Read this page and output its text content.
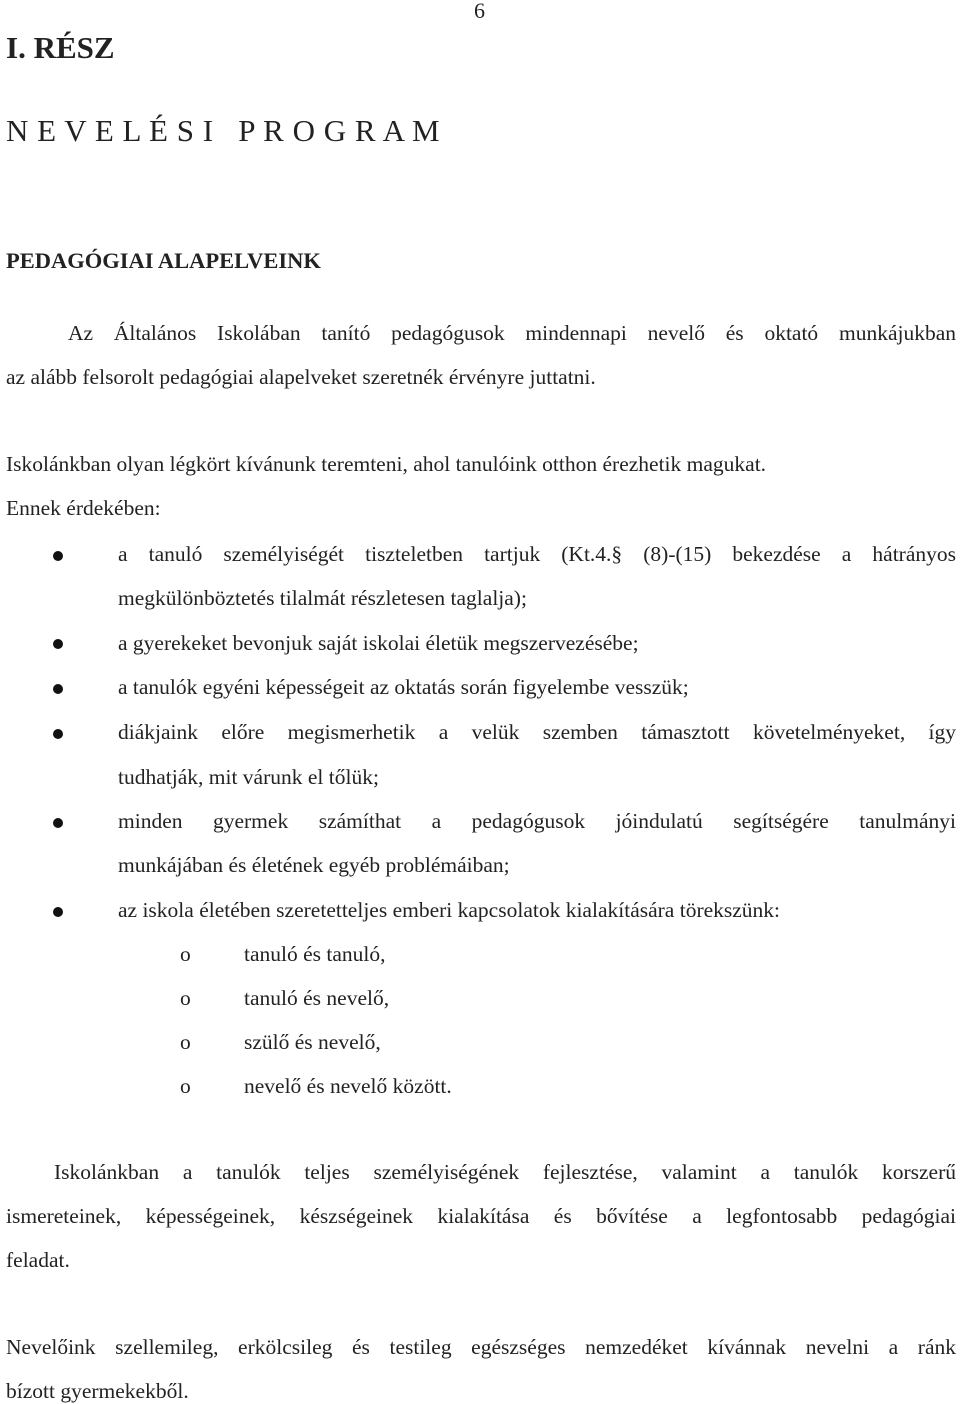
6
I. RÉSZ
N E V E L É S I   P R O G R A M
PEDAGÓGIAI ALAPELVEINK
Az Általános Iskolában tanító pedagógusok mindennapi nevelő és oktató munkájukban
az alább felsorolt pedagógiai alapelveket szeretnék érvényre juttatni.
Iskolánkban olyan légkört kívánunk teremteni, ahol tanulóink otthon érezhetik magukat.
Ennek érdekében:
a tanuló személyiségét tiszteletben tartjuk (Kt.4.§ (8)-(15) bekezdése a hátrányos
megkülönböztetés tilalmát részletesen taglalja);
a gyerekeket bevonjuk saját iskolai életük megszervezésébe;
a tanulók egyéni képességeit az oktatás során figyelembe vesszük;
diákjaink előre megismerhetik a velük szemben támasztott követelményeket, így
tudhatják, mit várunk el tőlük;
minden gyermek számíthat a pedagógusok jóindulatú segítségére tanulmányi
munkájában és életének egyéb problémáiban;
az iskola életében szeretetteljes emberi kapcsolatok kialakítására törekszünk:
o tanuló és tanuló,
o tanuló és nevelő,
o szülő és nevelő,
o nevelő és nevelő között.
Iskolánkban a tanulók teljes személyiségének fejlesztése, valamint a tanulók korszerű
ismereteinek, képességeinek, készségeinek kialakítása és bővítése a legfontosabb pedagógiai
feladat.
Nevelőink szellemileg, erkölcsileg és testileg egészséges nemzedéket kívánnak nevelni a ránk
bízott gyermekekből.
